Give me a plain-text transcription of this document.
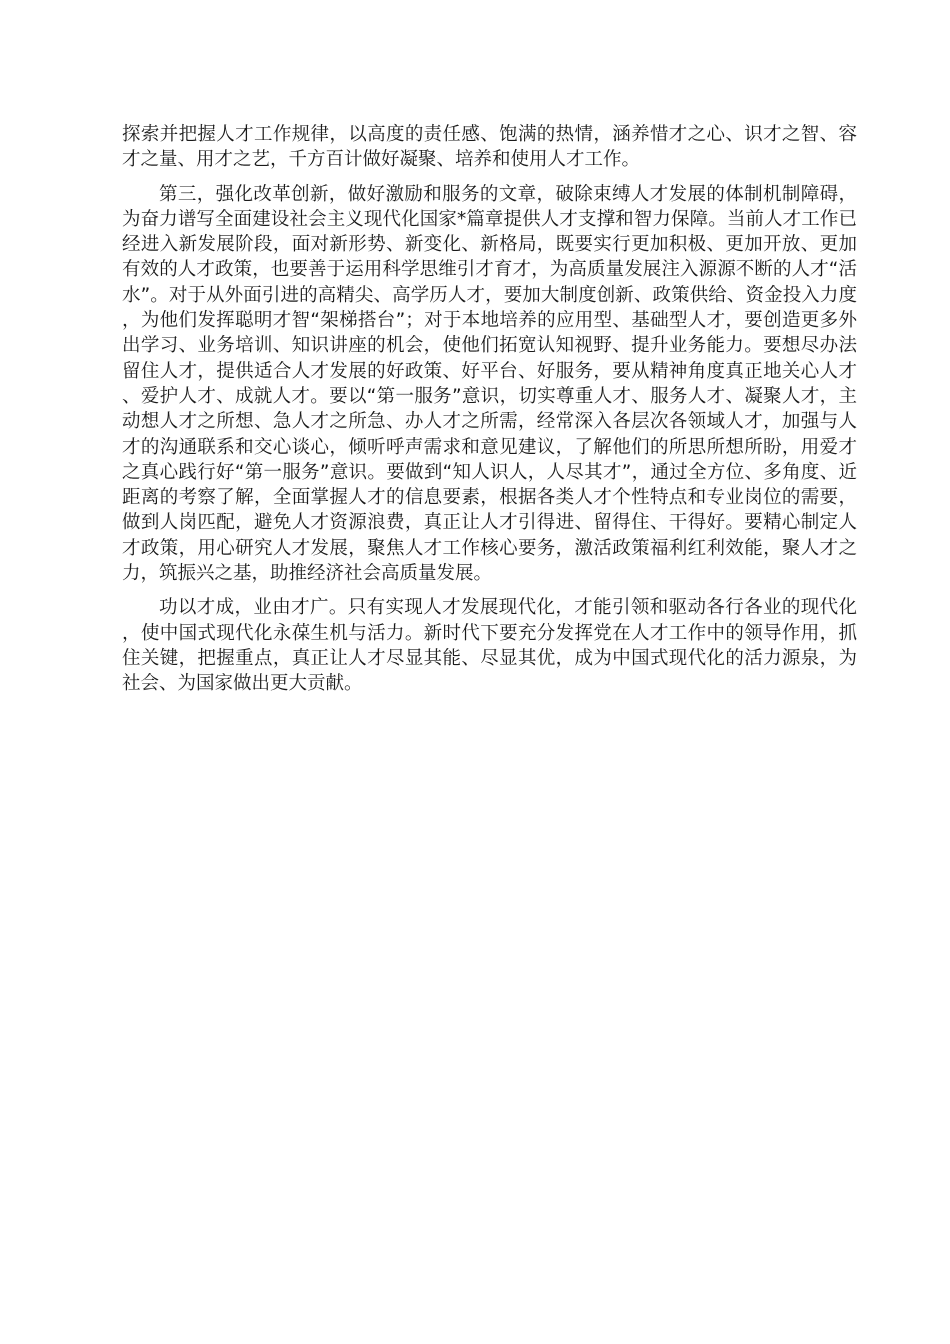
探索并把握人才工作规律，以高度的责任感、饱满的热情，涵养惜才之心、识才之智、容才之量、用才之艺，千方百计做好凝聚、培养和使用人才工作。

第三，强化改革创新，做好激励和服务的文章，破除束缚人才发展的体制机制障碍，为奋力谱写全面建设社会主义现代化国家*篇章提供人才支撑和智力保障。当前人才工作已经进入新发展阶段，面对新形势、新变化、新格局，既要实行更加积极、更加开放、更加有效的人才政策，也要善于运用科学思维引才育才，为高质量发展注入源源不断的人才“活水”。对于从外面引进的高精尖、高学历人才，要加大制度创新、政策供给、资金投入力度，为他们发挥聪明才智“架梯搭台”；对于本地培养的应用型、基础型人才，要创造更多外出学习、业务培训、知识讲座的机会，使他们拓宽认知视野、提升业务能力。要想尽办法留住人才，提供适合人才发展的好政策、好平台、好服务，要从精神角度真正地关心人才、爱护人才、成就人才。要以“第一服务”意识，切实尊重人才、服务人才、凝聚人才，主动想人才之所想、急人才之所急、办人才之所需，经常深入各层次各领域人才，加强与人才的沟通联系和交心谈心，倾听呼声需求和意见建议，了解他们的所思所想所盼，用爱才之真心践行好“第一服务”意识。要做到“知人识人，人尽其才”，通过全方位、多角度、近距离的考察了解，全面掌握人才的信息要素，根据各类人才个性特点和专业岗位的需要，做到人岗匹配，避免人才资源浪费，真正让人才引得进、留得住、干得好。要精心制定人才政策，用心研究人才发展，聚焦人才工作核心要务，激活政策福利红利效能，聚人才之力，筑振兴之基，助推经济社会高质量发展。

功以才成，业由才广。只有实现人才发展现代化，才能引领和驱动各行各业的现代化，使中国式现代化永葆生机与活力。新时代下要充分发挥党在人才工作中的领导作用，抓住关键，把握重点，真正让人才尽显其能、尽显其优，成为中国式现代化的活力源泉，为社会、为国家做出更大贡献。
